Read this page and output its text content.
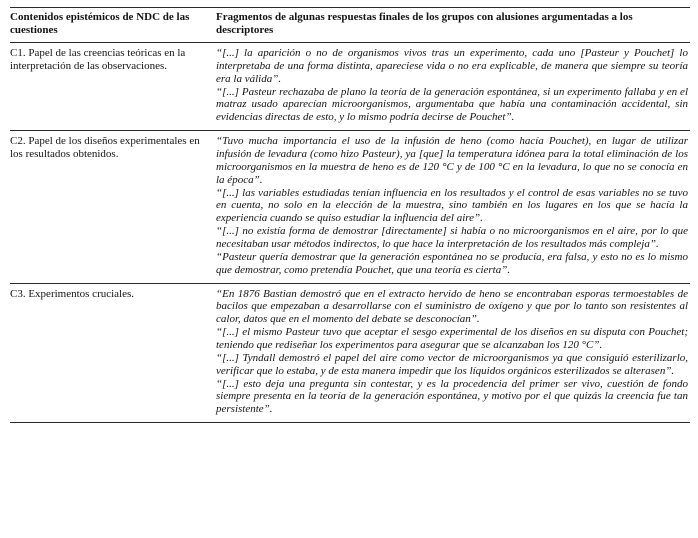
Contenidos epistémicos de NDC de las cuestiones	Fragmentos de algunas respuestas finales de los grupos con alusiones argumentadas a los descriptores
C1. Papel de las creencias teóricas en la interpretación de las observaciones.	“[...] la aparición o no de organismos vivos tras un experimento, cada uno [Pasteur y Pouchet] lo interpretaba de una forma distinta, apareciese vida o no era explicable, de manera que siempre su teoría era la válida”.

“[...] Pasteur rechazaba de plano la teoría de la generación espontánea, si un experimento fallaba y en el matraz usado aparecían microorganismos, argumentaba que había una contaminación accidental, sin evidencias directas de esto, y lo mismo podría decirse de Pouchet”.

C2. Papel de los diseños experimentales en los resultados obtenidos.	“Tuvo mucha importancia el uso de la infusión de heno (como hacía Pouchet), en lugar de utilizar infusión de levadura (como hizo Pasteur), ya [que] la temperatura idónea para la total eliminación de los microorganismos en la muestra de heno es de 120 °C y de 100 °C en la levadura, lo que no se conocía en la época”.

“[...] las variables estudiadas tenían influencia en los resultados y el control de esas variables no se tuvo en cuenta, no solo en la elección de la muestra, sino también en los lugares en los que se hacía la experiencia cuando se quiso estudiar la influencia del aire”.

“[...] no existía forma de demostrar [directamente] si había o no microorganismos en el aire, por lo que necesitaban usar métodos indirectos, lo que hace la interpretación de los resultados más compleja”.

“Pasteur quería demostrar que la generación espontánea no se producía, era falsa, y esto no es lo mismo que demostrar, como pretendía Pouchet, que una teoría es cierta”.

C3. Experimentos cruciales.	“En 1876 Bastian demostró que en el extracto hervido de heno se encontraban esporas termoestables de bacilos que empezaban a desarrollarse con el suministro de oxígeno y que por lo tanto son resistentes al calor, datos que en el momento del debate se desconocían”.

“[...] el mismo Pasteur tuvo que aceptar el sesgo experimental de los diseños en su disputa con Pouchet; teniendo que rediseñar los experimentos para asegurar que se alcanzaban los 120 °C”.

“[...] Tyndall demostró el papel del aire como vector de microorganismos ya que consiguió esterilizarlo, verificar que lo estaba, y de esta manera impedir que los líquidos orgánicos esterilizados se alterasen”.

“[...] esto deja una pregunta sin contestar, y es la procedencia del primer ser vivo, cuestión de fondo siempre presenta en la teoría de la generación espontánea, y motivo por el que quizás la creencia fue tan persistente”.
